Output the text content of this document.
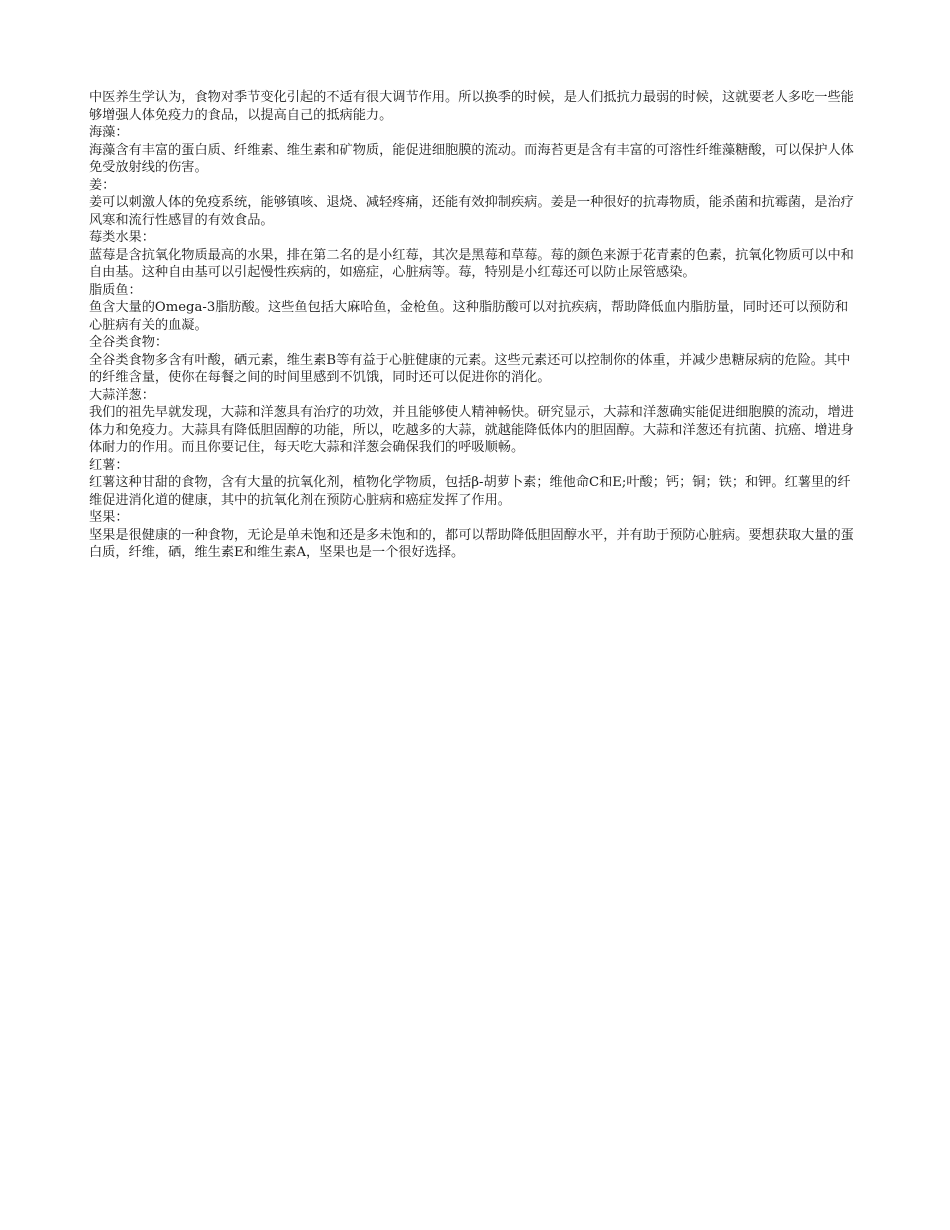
中医养生学认为，食物对季节变化引起的不适有很大调节作用。所以换季的时候，是人们抵抗力最弱的时候，这就要老人多吃一些能够增强人体免疫力的食品，以提高自己的抵病能力。

海藻：

海藻含有丰富的蛋白质、纤维素、维生素和矿物质，能促进细胞膜的流动。而海苔更是含有丰富的可溶性纤维藻糖酸，可以保护人体免受放射线的伤害。

姜：

姜可以刺激人体的免疫系统，能够镇咳、退烧、减轻疼痛，还能有效抑制疾病。姜是一种很好的抗毒物质，能杀菌和抗霉菌，是治疗风寒和流行性感冒的有效食品。

莓类水果：

蓝莓是含抗氧化物质最高的水果，排在第二名的是小红莓，其次是黑莓和草莓。莓的颜色来源于花青素的色素，抗氧化物质可以中和自由基。这种自由基可以引起慢性疾病的，如癌症，心脏病等。莓，特别是小红莓还可以防止尿管感染。

脂质鱼：

鱼含大量的Omega-3脂肪酸。这些鱼包括大麻哈鱼，金枪鱼。这种脂肪酸可以对抗疾病，帮助降低血内脂肪量，同时还可以预防和心脏病有关的血凝。

全谷类食物：

全谷类食物多含有叶酸，硒元素，维生素B等有益于心脏健康的元素。这些元素还可以控制你的体重，并减少患糖尿病的危险。其中的纤维含量，使你在每餐之间的时间里感到不饥饿，同时还可以促进你的消化。

大蒜洋葱：

我们的祖先早就发现，大蒜和洋葱具有治疗的功效，并且能够使人精神畅快。研究显示，大蒜和洋葱确实能促进细胞膜的流动，增进体力和免疫力。大蒜具有降低胆固醇的功能，所以，吃越多的大蒜，就越能降低体内的胆固醇。大蒜和洋葱还有抗菌、抗癌、增进身体耐力的作用。而且你要记住，每天吃大蒜和洋葱会确保我们的呼吸顺畅。

红薯：

红薯这种甘甜的食物，含有大量的抗氧化剂，植物化学物质，包括β-胡萝卜素；维他命C和E;叶酸；钙；铜；铁；和钾。红薯里的纤维促进消化道的健康，其中的抗氧化剂在预防心脏病和癌症发挥了作用。

坚果：

坚果是很健康的一种食物，无论是单未饱和还是多未饱和的，都可以帮助降低胆固醇水平，并有助于预防心脏病。要想获取大量的蛋白质，纤维，硒，维生素E和维生素A，坚果也是一个很好选择。
